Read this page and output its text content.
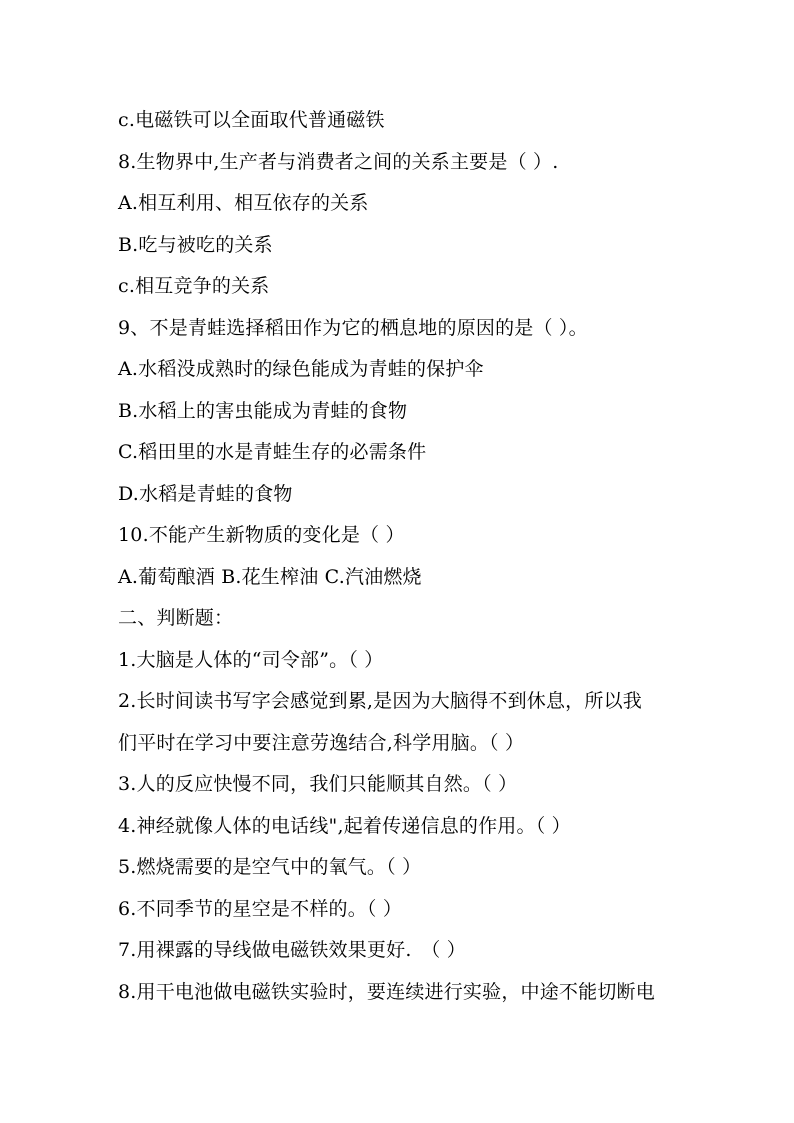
c.电磁铁可以全面取代普通磁铁
8.生物界中,生产者与消费者之间的关系主要是（ ）.
A.相互利用、相互依存的关系
B.吃与被吃的关系
c.相互竞争的关系
9、不是青蛙选择稻田作为它的栖息地的原因的是（ ）。
A.水稻没成熟时的绿色能成为青蛙的保护伞
B.水稻上的害虫能成为青蛙的食物
C.稻田里的水是青蛙生存的必需条件
D.水稻是青蛙的食物
10.不能产生新物质的变化是（ ）
A.葡萄酿酒 B.花生榨油 C.汽油燃烧
二、判断题：
1.大脑是人体的“司令部”。（ ）
2.长时间读书写字会感觉到累,是因为大脑得不到休息，所以我
们平时在学习中要注意劳逸结合,科学用脑。（ ）
3.人的反应快慢不同，我们只能顺其自然。（ ）
4.神经就像人体的电话线",起着传递信息的作用。（ ）
5.燃烧需要的是空气中的氧气。（ ）
6.不同季节的星空是不样的。（ ）
7.用裸露的导线做电磁铁效果更好.　（ ）
8.用干电池做电磁铁实验时，要连续进行实验，中途不能切断电
